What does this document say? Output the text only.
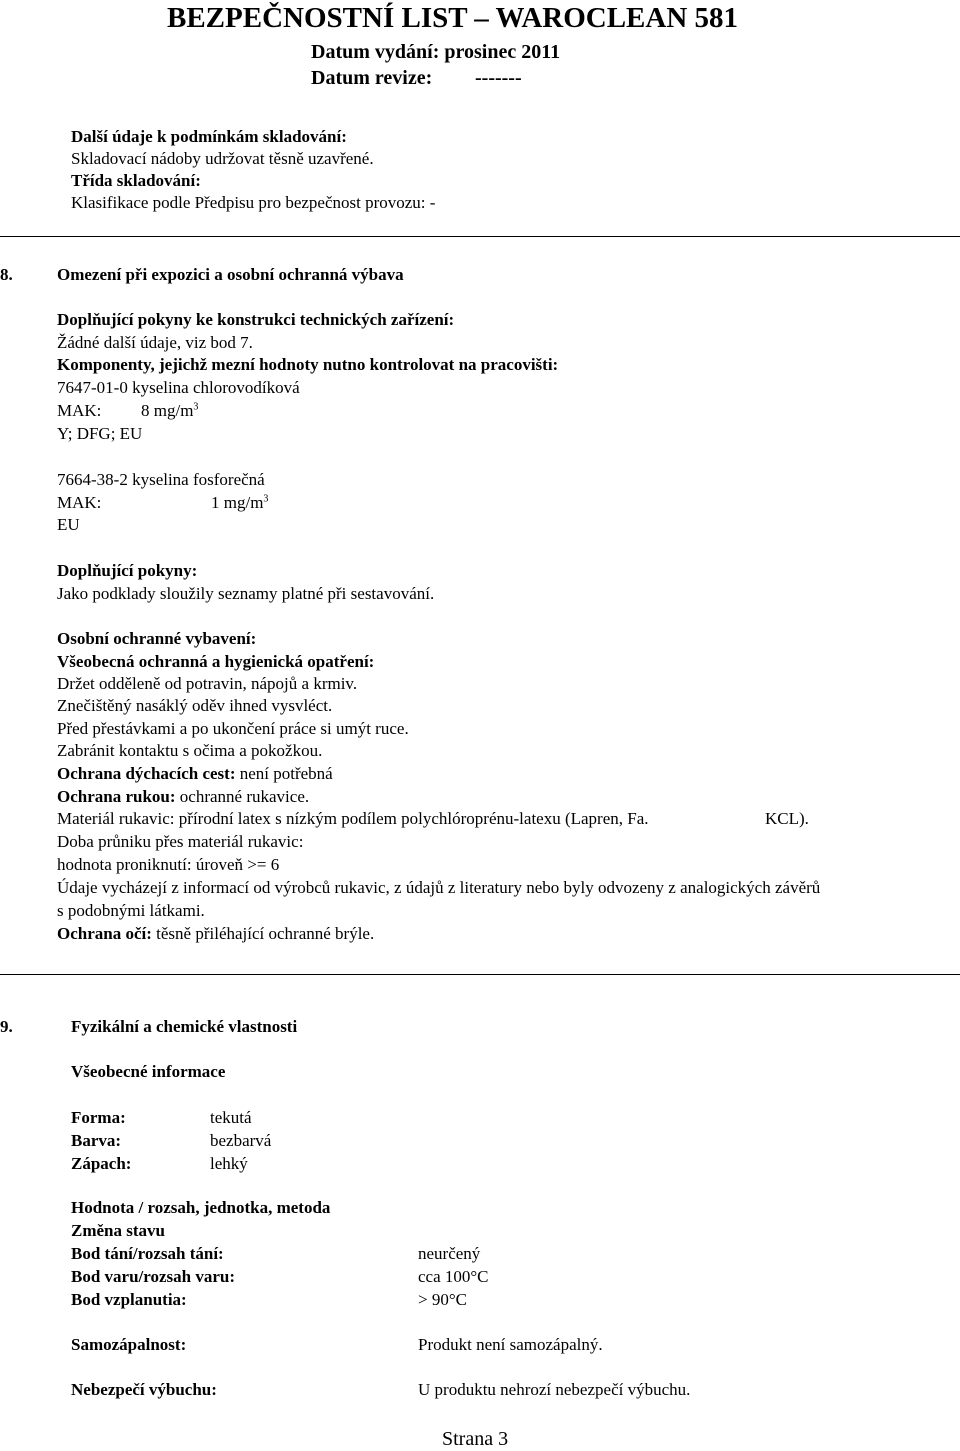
BEZPEČNOSTNÍ LIST – WAROCLEAN 581
Datum vydání: prosinec 2011
Datum revize: -------
Další údaje k podmínkám skladování:
Skladovací nádoby udržovat těsně uzavřené.
Třída skladování:
Klasifikace podle Předpisu pro bezpečnost provozu: -
8.	Omezení při expozici a osobní ochranná výbava
Doplňující pokyny ke konstrukci technických zařízení:
Žádné další údaje, viz bod 7.
Komponenty, jejichž mezní hodnoty nutno kontrolovat na pracovišti:
7647-01-0 kyselina chlorovodíková
MAK: 8 $mg/m^3$
Y; DFG; EU
7664-38-2 kyselina fosforečná
MAK:	1 $mg/m^3$
EU
Doplňující pokyny:
Jako podklady sloužily seznamy platné při sestavování.
Osobní ochranné vybavení:
Všeobecná ochranná a hygienická opatření:
Držet odděleně od potravin, nápojů a krmiv.
Znečištěný nasáklý oděv ihned vysvléct.
Před přestávkami a po ukončení práce si umýt ruce.
Zabránit kontaktu s očima a pokožkou.
Ochrana dýchacích cest: není potřebná
Ochrana rukou: ochranné rukavice.
Materiál rukavic: přírodní latex s nízkým podílem polychlóroprénu-latexu (Lapren, Fa.	KCL).
Doba průniku přes materiál rukavic:
hodnota proniknutí: úroveň >= 6
Údaje vycházejí z informací od výrobců rukavic, z údajů z literatury nebo byly odvozeny z analogických závěrů
s podobnými látkami.
Ochrana očí: těsně přiléhající ochranné brýle.
9.	Fyzikální a chemické vlastnosti
Všeobecné informace
Forma:	tekutá
Barva:	bezbarvá
Zápach:	lehký
Hodnota / rozsah, jednotka, metoda
Změna stavu
Bod tání/rozsah tání:	neurčený
Bod varu/rozsah varu:	cca 100°C
Bod vzplanutia:	> 90°C
Samozápalnost:	Produkt není samozápalný.
Nebezpečí výbuchu:	U produktu nehrozí nebezpečí výbuchu.
Strana 3
